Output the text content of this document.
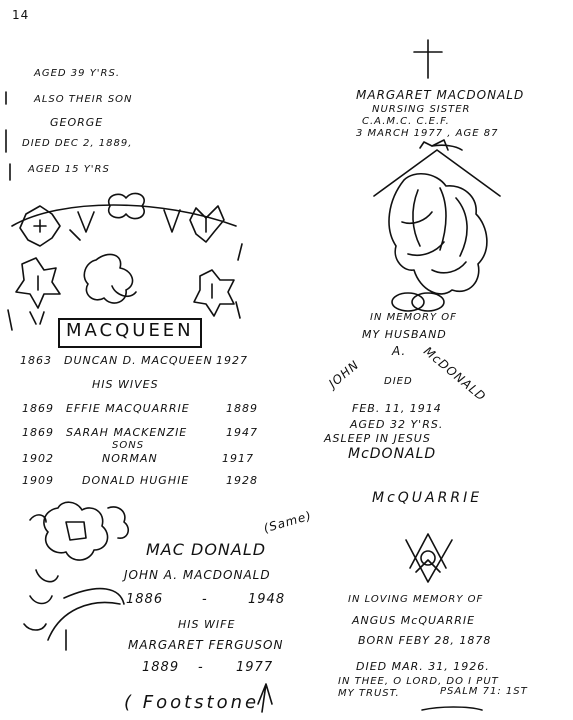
14
AGED 39 Y'RS.
ALSO THEIR SON
GEORGE
DIED DEC 2, 1889,
AGED 15 Y'RS
MACQUEEN
1863 DUNCAN D. MACQUEEN 1927
HIS WIVES
1869 EFFIE MACQUARRIE	1889
1869 SARAH MACKENZIE	1947
SONS
1902	NORMAN	1917
1909	DONALD HUGHIE	1928
MAC DONALD
(Same)
JOHN A. MACDONALD
1886	-	1948
HIS WIFE
MARGARET FERGUSON
1889 - 1977
( Footstone
MARGARET MACDONALD
NURSING SISTER
C.A.M.C. C.E.F.
3 MARCH 1977 , AGE 87
IN MEMORY OF
MY HUSBAND
JOHN
A. McDONALD
DIED
FEB. 11, 1914
AGED 32 Y'RS.
ASLEEP IN JESUS
McDONALD
McQUARRIE
IN LOVING MEMORY OF
ANGUS McQUARRIE
BORN FEBY 28, 1878
DIED MAR. 31, 1926.
IN THEE, O LORD, DO I PUT
MY TRUST.	PSALM 71: 1ST
